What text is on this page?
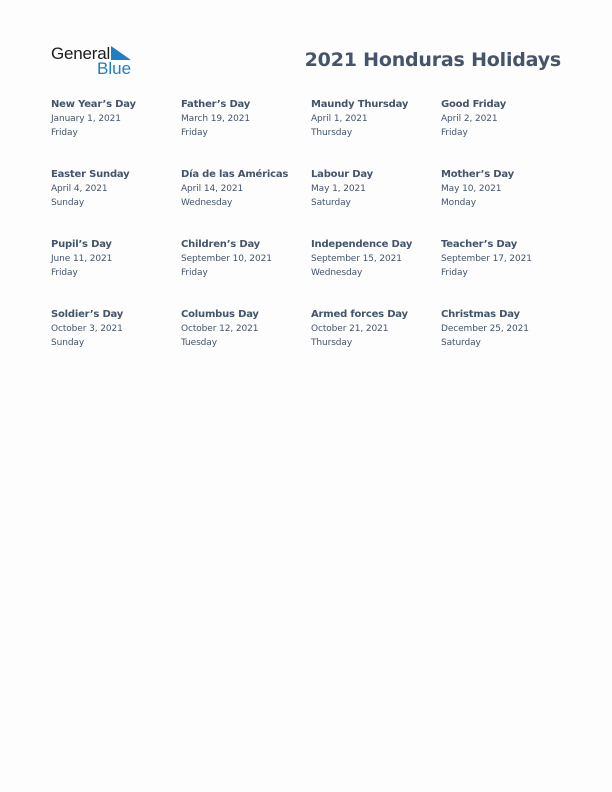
General
Blue	2021 Honduras Holidays
New Year’s Day
January 1, 2021
Friday
Father’s Day
March 19, 2021
Friday
Maundy Thursday
April 1, 2021
Thursday
Good Friday
April 2, 2021
Friday
Easter Sunday
April 4, 2021
Sunday
Día de las Américas
April 14, 2021
Wednesday
Labour Day
May 1, 2021
Saturday
Mother’s Day
May 10, 2021
Monday
Pupil’s Day
June 11, 2021
Friday
Children’s Day
September 10, 2021
Friday
Independence Day
September 15, 2021
Wednesday
Teacher’s Day
September 17, 2021
Friday
Soldier’s Day
October 3, 2021
Sunday
Columbus Day
October 12, 2021
Tuesday
Armed forces Day
October 21, 2021
Thursday
Christmas Day
December 25, 2021
Saturday
